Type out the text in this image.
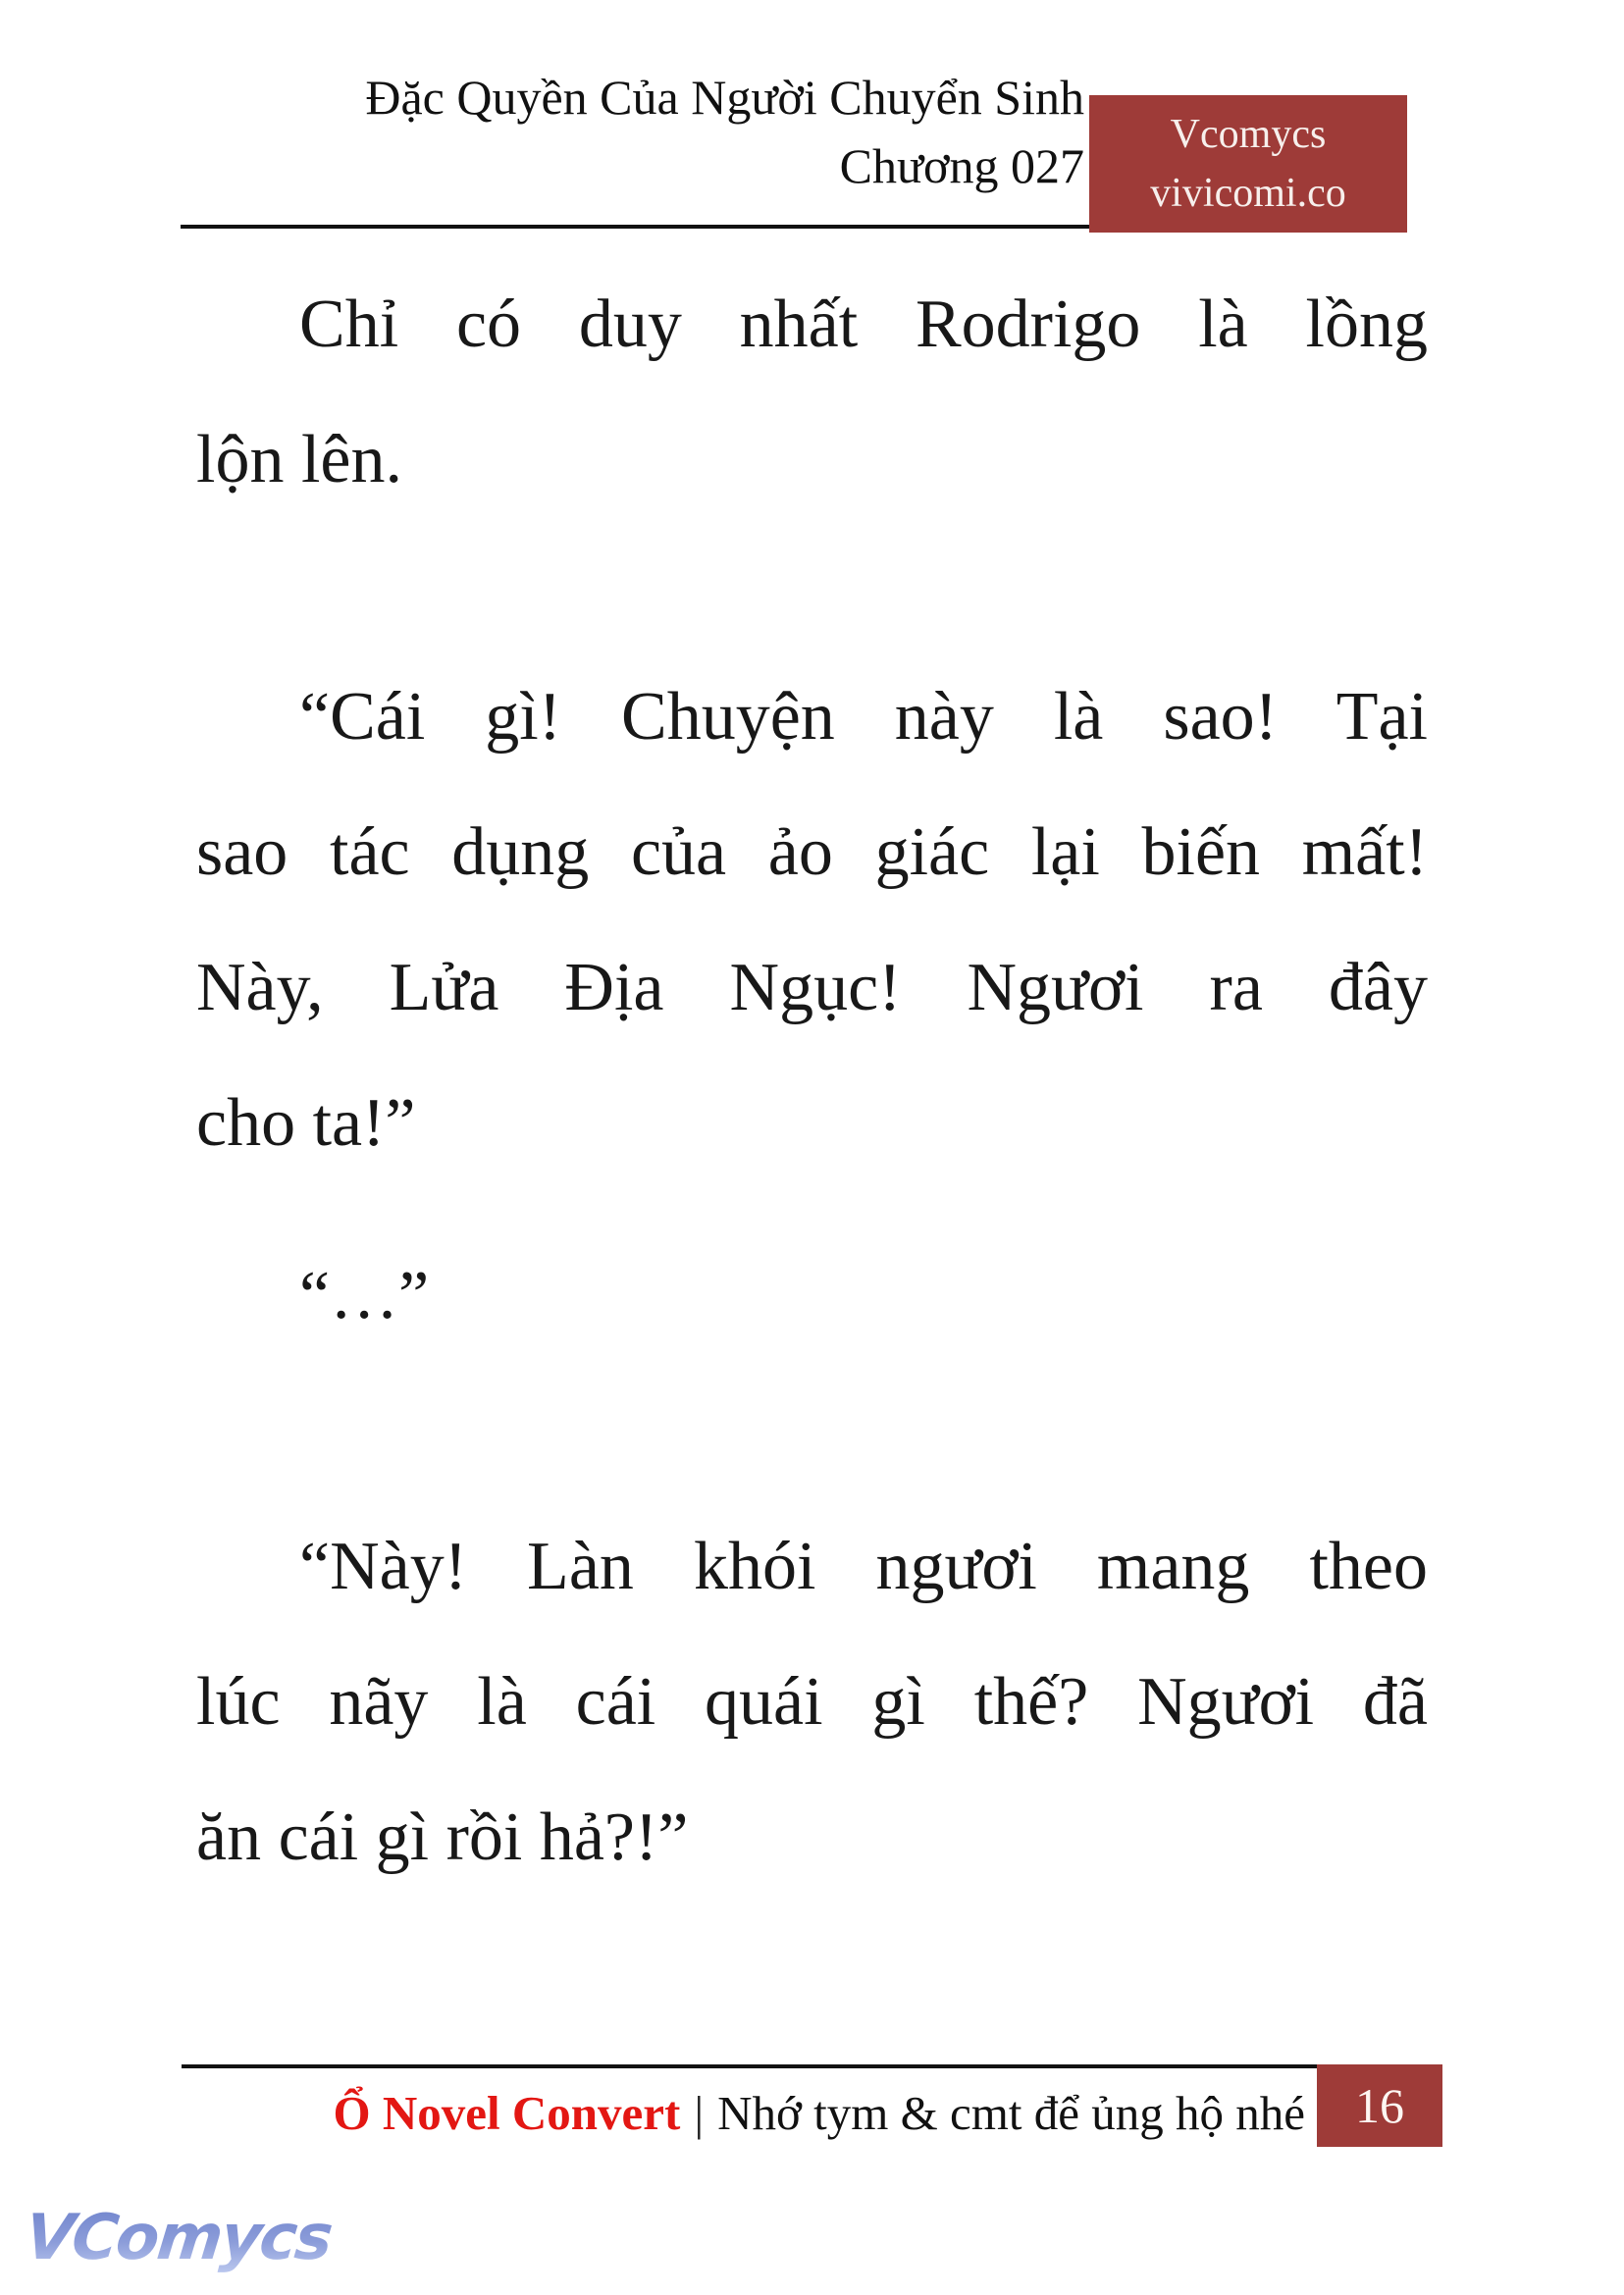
Đặc Quyền Của Người Chuyển Sinh
Chương 027
Vcomycs
vivicomi.co
Chỉ có duy nhất Rodrigo là lồng
lộn lên.
“Cái gì! Chuyện này là sao! Tại
sao tác dụng của ảo giác lại biến mất!
Này, Lửa Địa Ngục! Ngươi ra đây
cho ta!”
“…”
“Này! Làn khói ngươi mang theo
lúc nãy là cái quái gì thế? Ngươi đã
ăn cái gì rồi hả?!”
Ổ Novel Convert | Nhớ tym & cmt để ủng hộ nhé	16
VComycs
